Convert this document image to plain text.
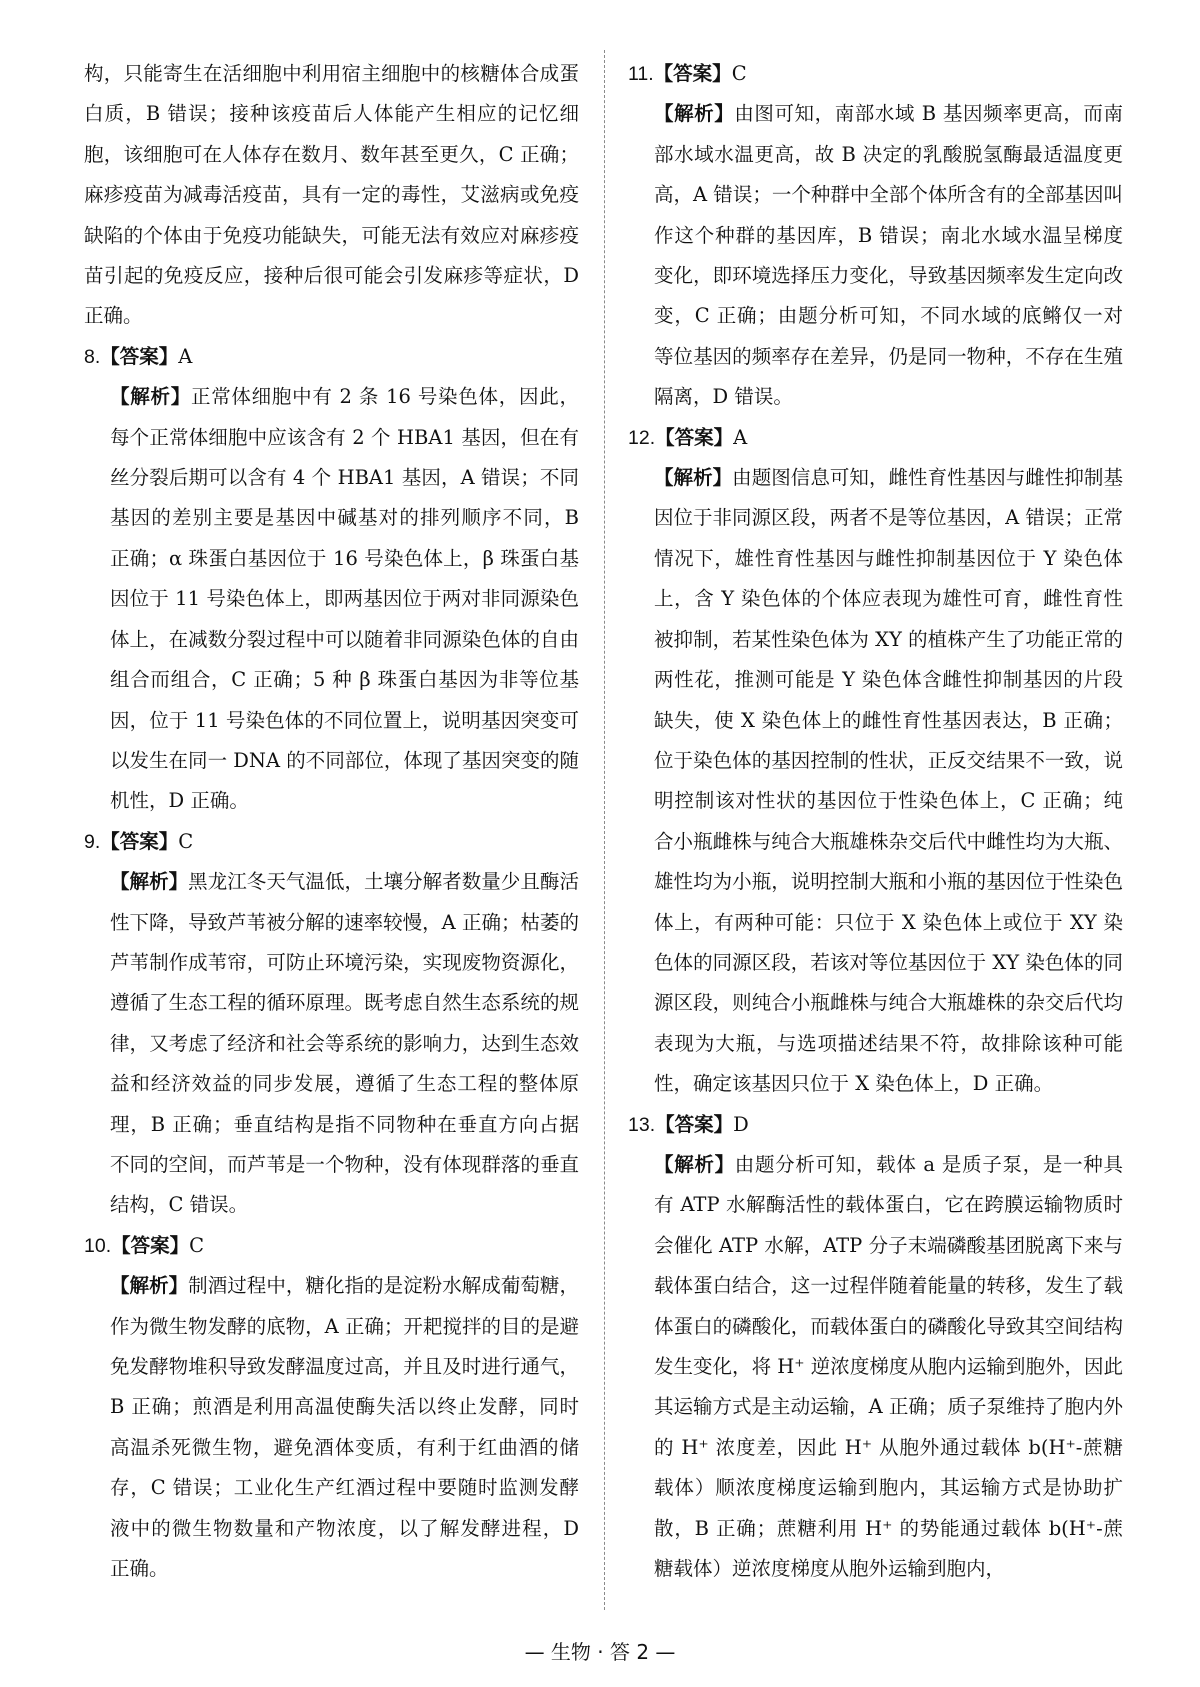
构，只能寄生在活细胞中利用宿主细胞中的核糖体合成蛋白质，B 错误；接种该疫苗后人体能产生相应的记忆细胞，该细胞可在人体存在数月、数年甚至更久，C 正确；麻疹疫苗为减毒活疫苗，具有一定的毒性，艾滋病或免疫缺陷的个体由于免疫功能缺失，可能无法有效应对麻疹疫苗引起的免疫反应，接种后很可能会引发麻疹等症状，D 正确。

8.【答案】A

【解析】正常体细胞中有 2 条 16 号染色体，因此，每个正常体细胞中应该含有 2 个 HBA1 基因，但在有丝分裂后期可以含有 4 个 HBA1 基因，A 错误；不同基因的差别主要是基因中碱基对的排列顺序不同，B 正确；α 珠蛋白基因位于 16 号染色体上，β 珠蛋白基因位于 11 号染色体上，即两基因位于两对非同源染色体上，在减数分裂过程中可以随着非同源染色体的自由组合而组合，C 正确；5 种 β 珠蛋白基因为非等位基因，位于 11 号染色体的不同位置上，说明基因突变可以发生在同一 DNA 的不同部位，体现了基因突变的随机性，D 正确。

9.【答案】C

【解析】黑龙江冬天气温低，土壤分解者数量少且酶活性下降，导致芦苇被分解的速率较慢，A 正确；枯萎的芦苇制作成苇帘，可防止环境污染，实现废物资源化，遵循了生态工程的循环原理。既考虑自然生态系统的规律，又考虑了经济和社会等系统的影响力，达到生态效益和经济效益的同步发展，遵循了生态工程的整体原理，B 正确；垂直结构是指不同物种在垂直方向占据不同的空间，而芦苇是一个物种，没有体现群落的垂直结构，C 错误。

10.【答案】C

【解析】制酒过程中，糖化指的是淀粉水解成葡萄糖，作为微生物发酵的底物，A 正确；开耙搅拌的目的是避免发酵物堆积导致发酵温度过高，并且及时进行通气，B 正确；煎酒是利用高温使酶失活以终止发酵，同时高温杀死微生物，避免酒体变质，有利于红曲酒的储存，C 错误；工业化生产红酒过程中要随时监测发酵液中的微生物数量和产物浓度，以了解发酵进程，D 正确。

11.【答案】C

【解析】由图可知，南部水域 B 基因频率更高，而南部水域水温更高，故 B 决定的乳酸脱氢酶最适温度更高，A 错误；一个种群中全部个体所含有的全部基因叫作这个种群的基因库，B 错误；南北水域水温呈梯度变化，即环境选择压力变化，导致基因频率发生定向改变，C 正确；由题分析可知，不同水域的底鳉仅一对等位基因的频率存在差异，仍是同一物种，不存在生殖隔离，D 错误。

12.【答案】A

【解析】由题图信息可知，雌性育性基因与雌性抑制基因位于非同源区段，两者不是等位基因，A 错误；正常情况下，雄性育性基因与雌性抑制基因位于 Y 染色体上，含 Y 染色体的个体应表现为雄性可育，雌性育性被抑制，若某性染色体为 XY 的植株产生了功能正常的两性花，推测可能是 Y 染色体含雌性抑制基因的片段缺失，使 X 染色体上的雌性育性基因表达，B 正确；位于染色体的基因控制的性状，正反交结果不一致，说明控制该对性状的基因位于性染色体上，C 正确；纯合小瓶雌株与纯合大瓶雄株杂交后代中雌性均为大瓶、雄性均为小瓶，说明控制大瓶和小瓶的基因位于性染色体上，有两种可能：只位于 X 染色体上或位于 XY 染色体的同源区段，若该对等位基因位于 XY 染色体的同源区段，则纯合小瓶雌株与纯合大瓶雄株的杂交后代均表现为大瓶，与选项描述结果不符，故排除该种可能性，确定该基因只位于 X 染色体上，D 正确。

13.【答案】D

【解析】由题分析可知，载体 a 是质子泵，是一种具有 ATP 水解酶活性的载体蛋白，它在跨膜运输物质时会催化 ATP 水解，ATP 分子末端磷酸基团脱离下来与载体蛋白结合，这一过程伴随着能量的转移，发生了载体蛋白的磷酸化，而载体蛋白的磷酸化导致其空间结构发生变化，将 H⁺ 逆浓度梯度从胞内运输到胞外，因此其运输方式是主动运输，A 正确；质子泵维持了胞内外的 H⁺ 浓度差，因此 H⁺ 从胞外通过载体 b(H⁺-蔗糖载体）顺浓度梯度运输到胞内，其运输方式是协助扩散，B 正确；蔗糖利用 H⁺ 的势能通过载体 b(H⁺-蔗糖载体）逆浓度梯度从胞外运输到胞内，

— 生物 · 答 2 —
